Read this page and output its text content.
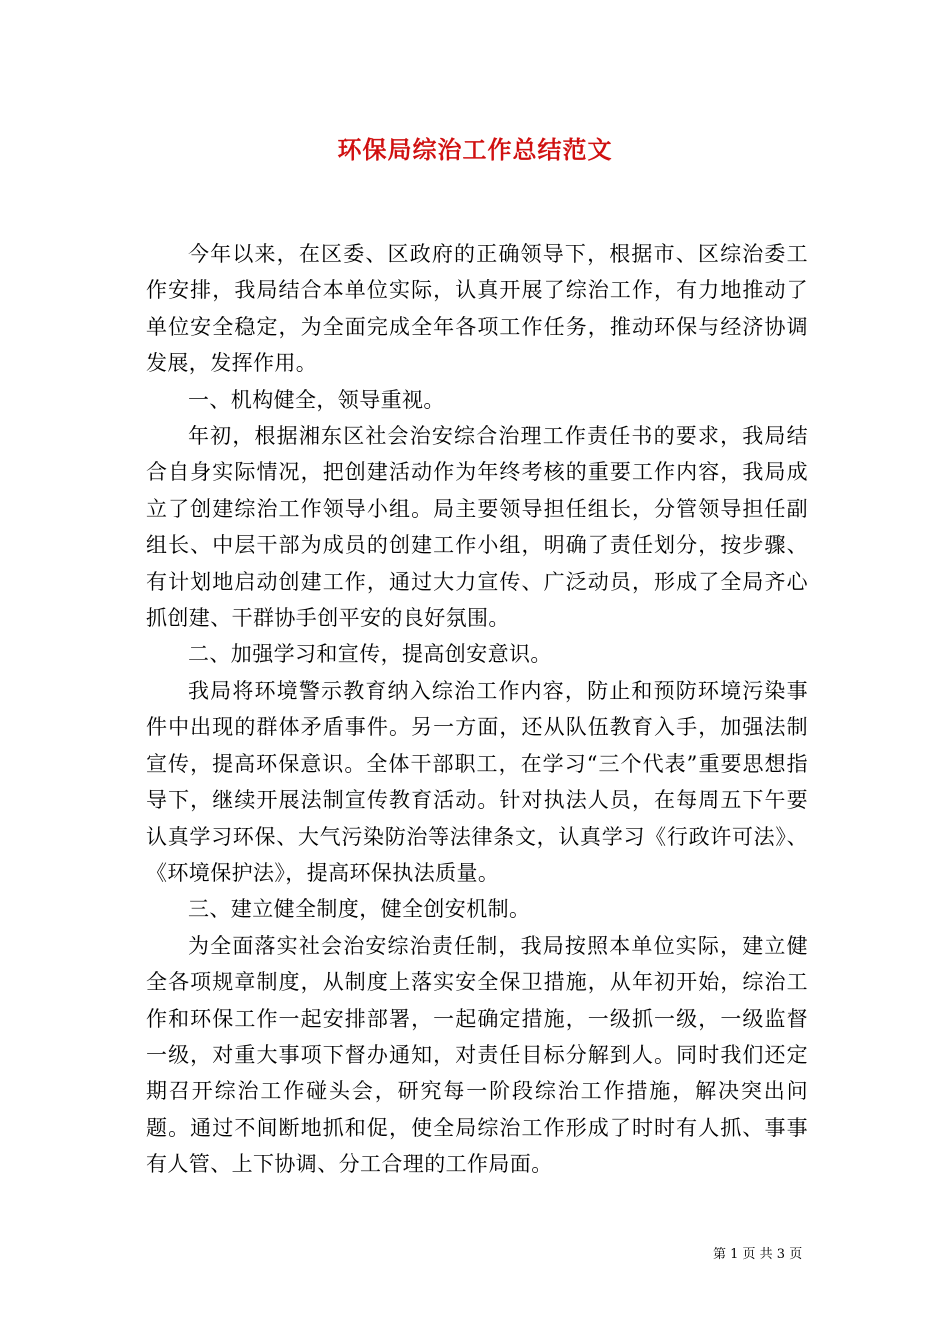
环保局综治工作总结范文

今年以来，在区委、区政府的正确领导下，根据市、区综治委工作安排，我局结合本单位实际，认真开展了综治工作，有力地推动了单位安全稳定，为全面完成全年各项工作任务，推动环保与经济协调发展，发挥作用。

一、机构健全，领导重视。

年初，根据湘东区社会治安综合治理工作责任书的要求，我局结合自身实际情况，把创建活动作为年终考核的重要工作内容，我局成立了创建综治工作领导小组。局主要领导担任组长，分管领导担任副组长、中层干部为成员的创建工作小组，明确了责任划分，按步骤、有计划地启动创建工作，通过大力宣传、广泛动员，形成了全局齐心抓创建、干群协手创平安的良好氛围。

二、加强学习和宣传，提高创安意识。

我局将环境警示教育纳入综治工作内容，防止和预防环境污染事件中出现的群体矛盾事件。另一方面，还从队伍教育入手，加强法制宣传，提高环保意识。全体干部职工，在学习“三个代表”重要思想指导下，继续开展法制宣传教育活动。针对执法人员，在每周五下午要认真学习环保、大气污染防治等法律条文，认真学习《行政许可法》、《环境保护法》，提高环保执法质量。

三、建立健全制度，健全创安机制。

为全面落实社会治安综治责任制，我局按照本单位实际，建立健全各项规章制度，从制度上落实安全保卫措施，从年初开始，综治工作和环保工作一起安排部署，一起确定措施，一级抓一级，一级监督一级，对重大事项下督办通知，对责任目标分解到人。同时我们还定期召开综治工作碰头会，研究每一阶段综治工作措施，解决突出问题。通过不间断地抓和促，使全局综治工作形成了时时有人抓、事事有人管、上下协调、分工合理的工作局面。

第 1 页 共 3 页
